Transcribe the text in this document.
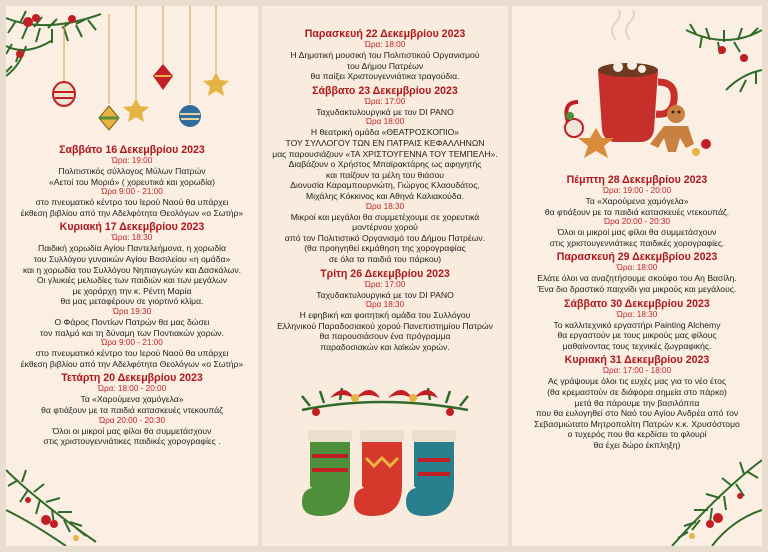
Σαββάτο 16 Δεκεμβρίου 2023
Ώρα: 19:00
Πολιτιστικός σύλλογος Μύλων Πατρών
«Αετοί του Μοριά» ( χορευτικά και χορωδία)
Ώρα 9:00 - 21:00
στο πνευματικό κέντρο του Ιερού Ναού θα υπάρχει
έκθεση βιβλίου από την Αδελφότητα Θεολόγων «ο Σωτήρ»
Κυριακή 17 Δεκεμβρίου 2023
Ώρα: 18:30
Παιδική χορωδία Αγίου Παντελεήμονα, η χορωδία
του Συλλόγου γυναικών Αγίου Βασιλείου «η ομάδα»
και η χορωδία του Συλλόγου Νηπιαγωγών και Δασκάλων.
Οι γλυκιές μελωδίες των παιδιών και των μεγάλων
με χοράρχη την κ. Ρέντη Μαρία
θα μας μεταφέρουν σε γιορτινό κλίμα.
Ώρα 19:30
Ο Φάρος Ποντίων Πατρών θα μας δώσει
τον παλμό και τη δύναμη των Ποντιακών χορών.
Ώρα 9:00 - 21:00
στο πνευματικό κέντρο του Ιερού Ναού θα υπάρχει
έκθεση βιβλίου από την Αδελφότητα Θεολόγων «ο Σωτήρ»
Τετάρτη 20 Δεκεμβρίου 2023
Ώρα: 18:00 - 20:00
Τα «Χαρούμενα χαμόγελα»
θα φτιάξουν με τα παιδιά κατασκευές ντεκουπάζ
Ώρα 20:00 - 20:30
Όλοι οι μικροί μας φίλοι θα συμμετάσχουν
στις χριστουγεννιάτικες παιδικές χορογραφίες .
Παρασκευή 22 Δεκεμβρίου 2023
Ώρα: 18:00
Η Δημοτική μουσική του Πολιτιστικού Οργανισμού
του Δήμου Πατρέων
θα παίξει Χριστουγεννιάτικα τραγούδια.
Σάββατο 23 Δεκεμβρίου 2023
Ώρα: 17:00
Ταχυδακτυλουργικά με τον DI PANO
Ώρα 18:00
Η θεατρική ομάδα «ΘΕΑΤΡΟΣΚΟΠΙΟ»
ΤΟΥ ΣΥΛΛΟΓΟΥ ΤΩΝ ΕΝ ΠΑΤΡΑΙΣ ΚΕΦΑΛΛΗΝΩΝ
μας παρουσιάζουν «ΤΑ ΧΡΙΣΤΟΥΓΕΝΝΑ ΤΟΥ ΤΕΜΠΕΛΗ».
Διαβάζουν ο Χρήστος Μπαϊρακτάρης ως αφηγητής
και παίζουν τα μέλη του θιάσου
Διονυσία Καραμπουρνιώτη, Γιώργος Κλαουδάτος,
Μιχάλης Κόκκινος και Αθηνά Καλιακούδα.
Ώρα 18:30
Μικροί και μεγάλοι θα συμμετέχουμε σε χορευτικά
μοντέρνου χορού
από τον Πολιτιστικό Οργανισμό του Δήμου Πατρέων.
(θα προηγηθεί εκμάθηση της χορογραφίας
σε όλα τα παιδιά του πάρκου)
Τρίτη 26 Δεκεμβρίου 2023
Ώρα: 17:00
Ταχυδακτυλουργικά με τον DI PANO
Ώρα 18:30
Η εφηβική και φοιτητική ομάδα του Συλλόγου
Ελληνικού Παραδοσιακού χορού Πανεπιστημίου Πατρών
θα παρουσιάσουν ένα πρόγραμμα
παραδοσιακών και λαϊκών χορών.
Πέμπτη 28 Δεκεμβρίου 2023
Ώρα: 19:00 - 20:00
Τα «Χαρούμενα χαμόγελα»
θα φτιάξουν με τα παιδιά κατασκευές ντεκουπάζ.
Ώρα 20:00 - 20:30
Όλοι οι μικροί μας φίλοι θα συμμετάσχουν
στις χριστουγεννιάτικες παιδικές χορογραφίες.
Παρασκευή 29 Δεκεμβρίου 2023
Ώρα: 18:00
Ελάτε όλοι να αναζητήσουμε σκούφο του Αη Βασίλη.
Ένα διο δραστικό παιχνίδι για μικρούς και μεγάλους.
Σάββατο 30 Δεκεμβρίου 2023
Ώρα: 18:30
Το καλλιτεχνικό εργαστήρι Painting Alchemy
θα εργαστούν με τους μικρούς μας φίλους
μαθαίνοντας τους τεχνικές ζωγραφικής.
Κυριακή 31 Δεκεμβρίου 2023
Ώρα: 17:00 - 18:00
Ας γράψουμε όλοι τις ευχές μας για το νέο έτος
(θα κρεμαστούν σε διάφορα σημεία στο πάρκο)
μετά θα πάρουμε την βασιλόπιτα
που θα ευλογηθεί στο Ναό του Αγίου Ανδρέα από τον
Σεβασμιώτατο Μητροπολίτη Πατρών κ.κ. Χρυσόστομο
ο τυχερός που θα κερδίσει το φλουρί
θα έχει δώρο έκπληξη)
